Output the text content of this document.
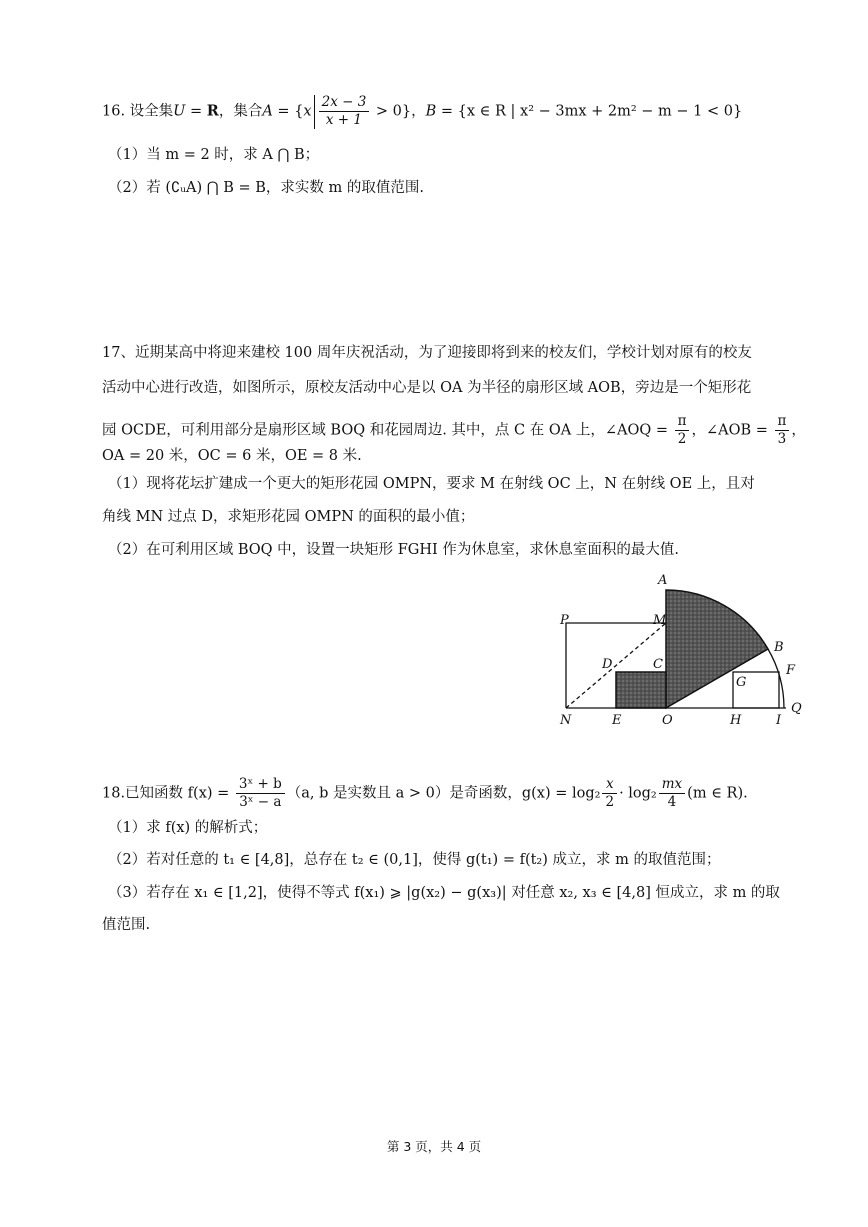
16. 设全集U = R，集合$A = \{x \frac{2x - 3}{x + 1} > 0\}$，B = {x ∈ R | x² − 3mx + 2m² − m − 1 < 0}
（1）当 m = 2 时，求 A ⋂ B；
（2）若 (∁ᵤA) ⋂ B = B，求实数 m 的取值范围.
17、近期某高中将迎来建校 100 周年庆祝活动，为了迎接即将到来的校友们，学校计划对原有的校友
活动中心进行改造，如图所示，原校友活动中心是以 OA 为半径的扇形区域 AOB，旁边是一个矩形花
园 OCDE，可利用部分是扇形区域 BOQ 和花园周边. 其中，点 C 在 OA 上，∠AOQ = $\frac{\pi}{2}$ ，∠AOB = $\frac{\pi}{3}$ ，
OA = 20 米，OC = 6 米，OE = 8 米.
（1）现将花坛扩建成一个更大的矩形花园 OMPN，要求 M 在射线 OC 上，N 在射线 OE 上，且对
角线 MN 过点 D，求矩形花园 OMPN 的面积的最小值；
（2）在可利用区域 BOQ 中，设置一块矩形 FGHI 作为休息室，求休息室面积的最大值.
A
M
P
B
F
D	C
G
N	E	O	H	I
Q
18.已知函数 $f(x) = \frac{\text{3ˣ + b}}{\text{3ˣ − a}} (a$, b 是实数且 a > 0）是奇函数，$g(x) = \log_2 \frac{x}{2} \cdot \log_2 \frac{mx}{4} (m$ ∈ R).
（1）求 f(x) 的解析式；
（2）若对任意的 t₁ ∈ [4,8]，总存在 t₂ ∈ (0,1]，使得 g(t₁) = f(t₂) 成立，求 m 的取值范围；
（3）若存在 x₁ ∈ [1,2]，使得不等式 f(x₁) ⩾ |g(x₂) − g(x₃)| 对任意 x₂, x₃ ∈ [4,8] 恒成立，求 m 的取
值范围.
第 3 页，共 4 页
